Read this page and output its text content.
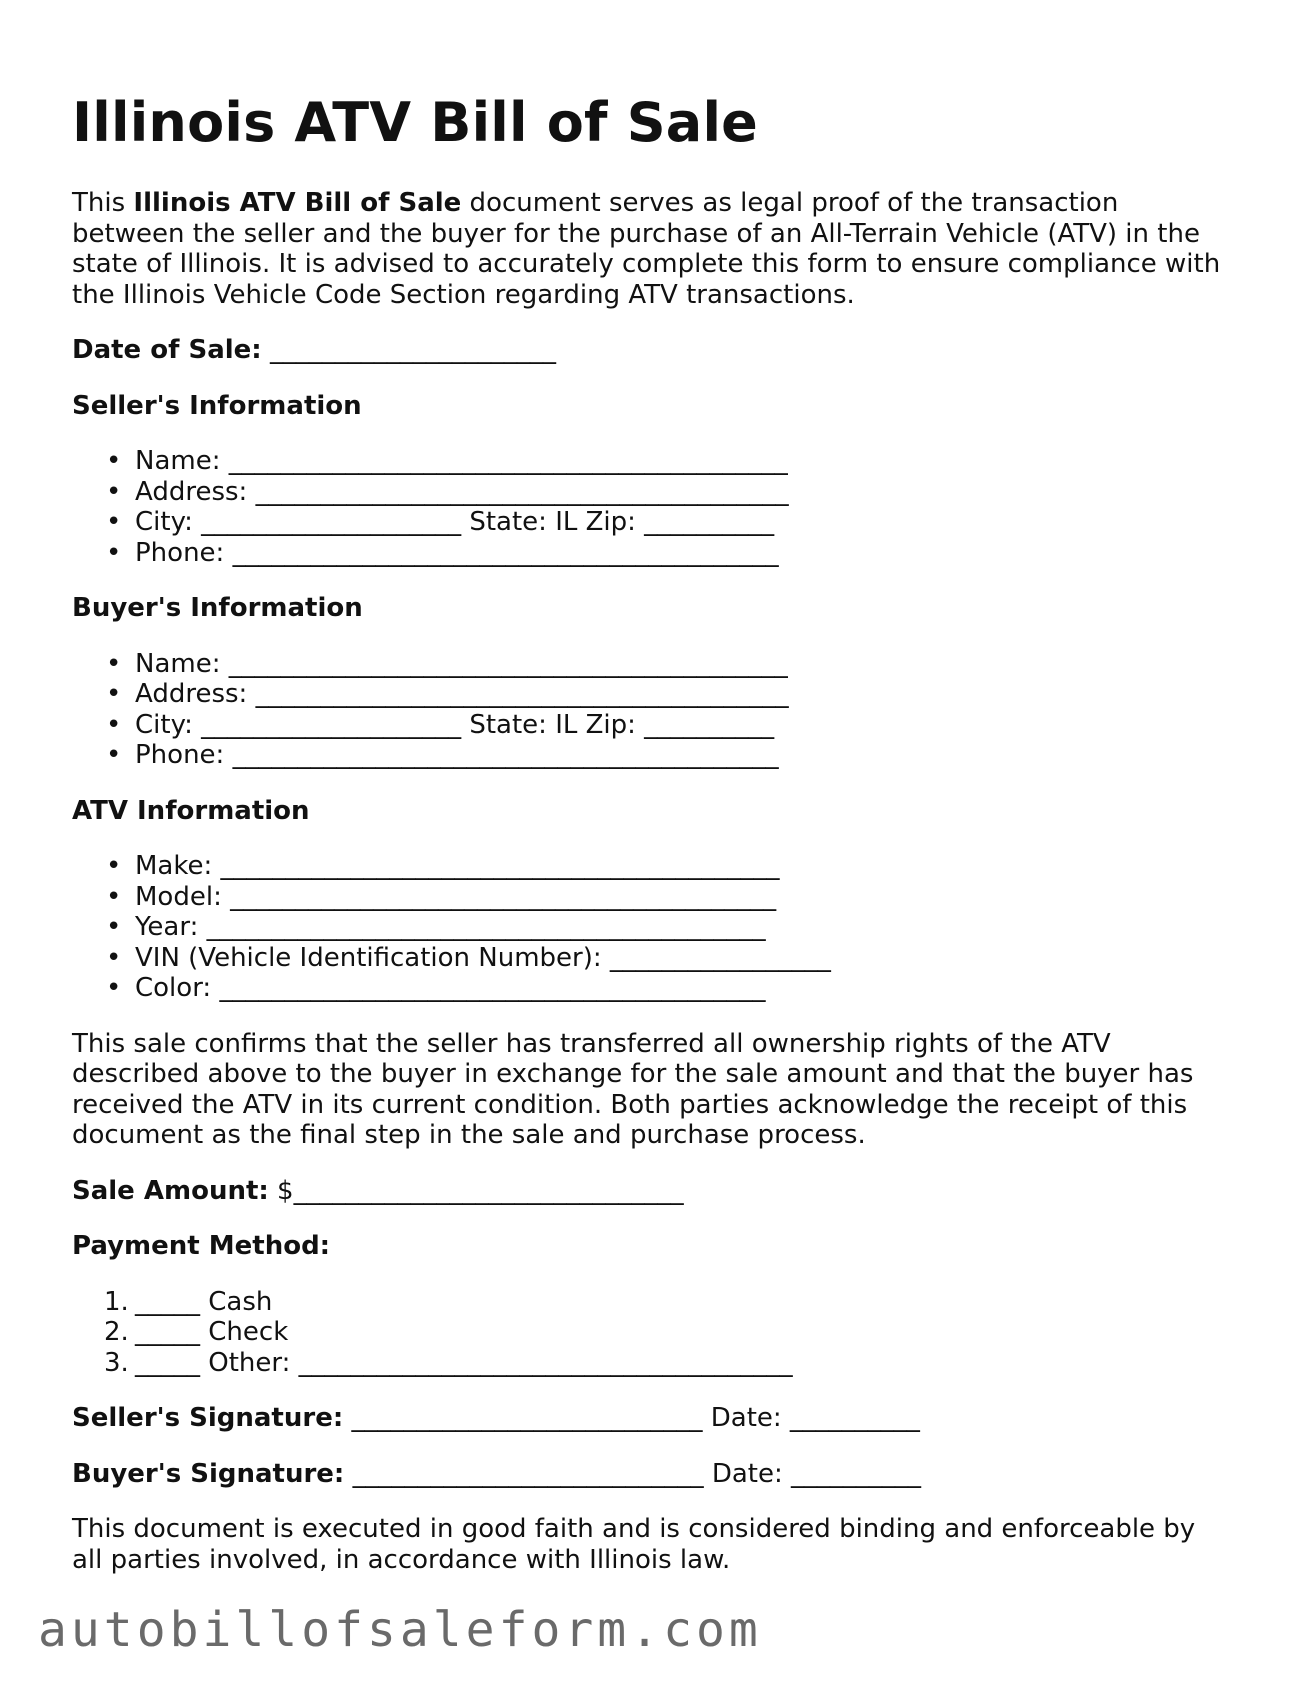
Illinois ATV Bill of Sale

This Illinois ATV Bill of Sale document serves as legal proof of the transaction between the seller and the buyer for the purchase of an All-Terrain Vehicle (ATV) in the state of Illinois. It is advised to accurately complete this form to ensure compliance with the Illinois Vehicle Code Section regarding ATV transactions.

Date of Sale: ______________________

Seller's Information

• Name: ___________________________________________
• Address: _________________________________________
• City: ____________________ State: IL Zip: __________
• Phone: __________________________________________

Buyer's Information

• Name: ___________________________________________
• Address: _________________________________________
• City: ____________________ State: IL Zip: __________
• Phone: __________________________________________

ATV Information

• Make: ___________________________________________
• Model: __________________________________________
• Year: ___________________________________________
• VIN (Vehicle Identification Number): _________________
• Color: __________________________________________

This sale confirms that the seller has transferred all ownership rights of the ATV described above to the buyer in exchange for the sale amount and that the buyer has received the ATV in its current condition. Both parties acknowledge the receipt of this document as the final step in the sale and purchase process.

Sale Amount: $______________________________

Payment Method:

1. _____ Cash
2. _____ Check
3. _____ Other: ______________________________________

Seller's Signature: ___________________________ Date: __________

Buyer's Signature: ___________________________ Date: __________

This document is executed in good faith and is considered binding and enforceable by all parties involved, in accordance with Illinois law.

autobillofsaleform.com
